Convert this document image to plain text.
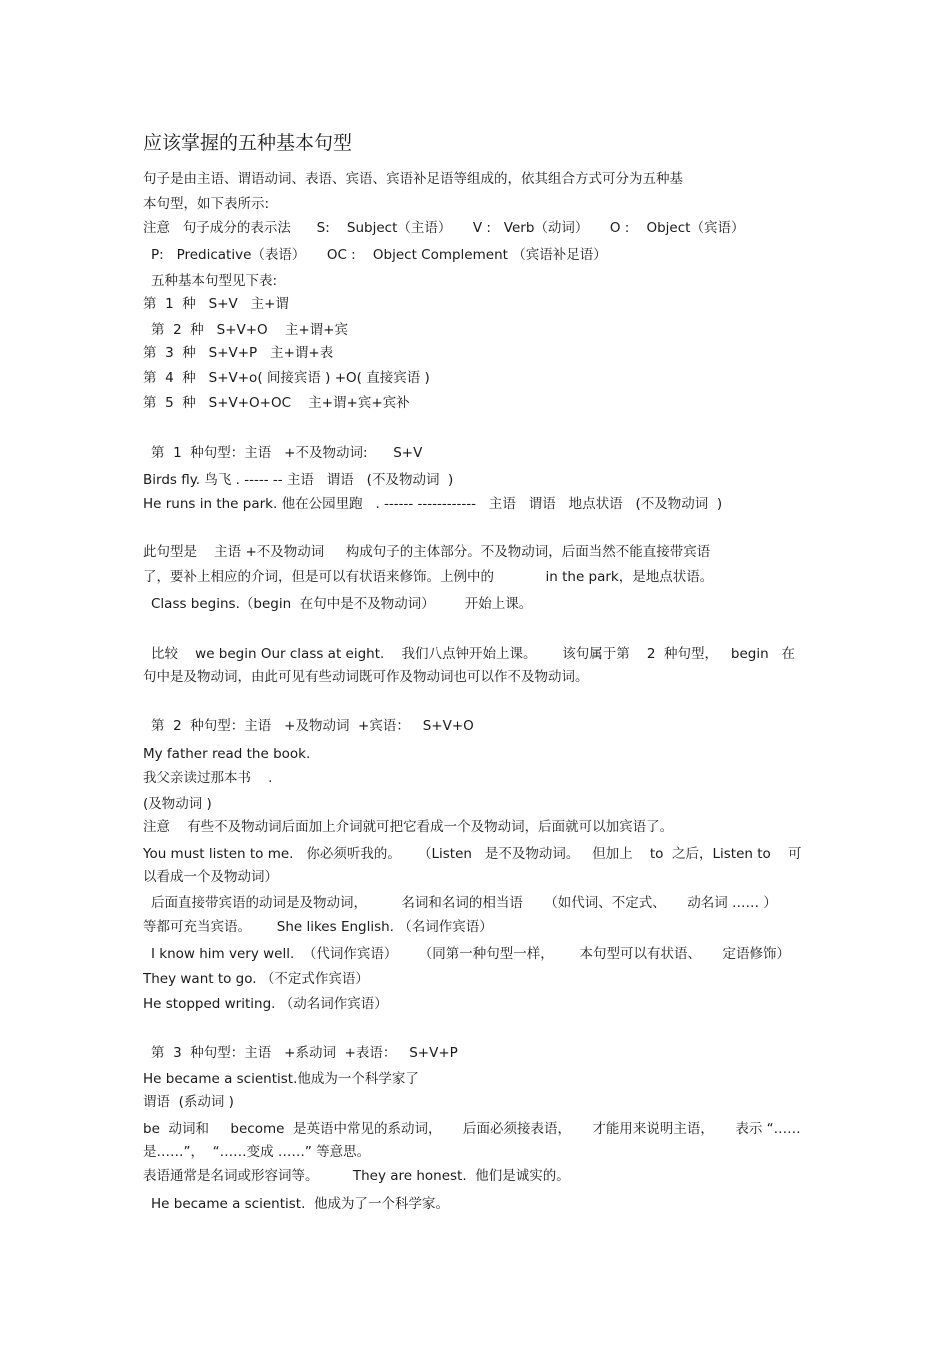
应该掌握的五种基本句型
句子是由主语、谓语动词、表语、宾语、宾语补足语等组成的，依其组合方式可分为五种基
本句型，如下表所示:
注意   句子成分的表示法      S:    Subject（主语）     V :   Verb（动词）     O :    Object（宾语）
P:   Predicative（表语）     OC :    Object Complement （宾语补足语）
五种基本句型见下表:
第  1  种   S+V   主+谓
第  2  种   S+V+O    主+谓+宾
第  3  种   S+V+P   主+谓+表
第  4  种   S+V+o( 间接宾语 ) +O( 直接宾语 )
第  5  种   S+V+O+OC    主+谓+宾+宾补
第  1  种句型：主语   +不及物动词:      S+V
Birds fly. 鸟飞 . ----- -- 主语   谓语   (不及物动词  )
He runs in the park. 他在公园里跑   . ------ ------------   主语   谓语   地点状语   (不及物动词  )
此句型是    主语 +不及物动词     构成句子的主体部分。不及物动词，后面当然不能直接带宾语
了，要补上相应的介词，但是可以有状语来修饰。上例中的            in the park，是地点状语。
Class begins.（begin  在句中是不及物动词）       开始上课。
比较    we begin Our class at eight.    我们八点钟开始上课。      该句属于第    2  种句型，   begin   在
句中是及物动词，由此可见有些动词既可作及物动词也可以作不及物动词。
第  2  种句型：主语   +及物动词  +宾语：   S+V+O
My father read the book.
我父亲读过那本书    .
(及物动词 )
注意    有些不及物动词后面加上介词就可把它看成一个及物动词，后面就可以加宾语了。
You must listen to me.   你必须听我的。    （Listen   是不及物动词。   但加上    to  之后，Listen to    可
以看成一个及物动词）
后面直接带宾语的动词是及物动词，        名词和名词的相当语     （如代词、不定式、     动名词 …… ）
等都可充当宾语。      She likes English. （名词作宾语）
I know him very well.  （代词作宾语）     （同第一种句型一样，      本句型可以有状语、     定语修饰）
They want to go. （不定式作宾语）
He stopped writing. （动名词作宾语）
第  3  种句型：主语   +系动词  +表语：   S+V+P
He became a scientist.他成为一个科学家了
谓语  (系动词 )
be  动词和     become  是英语中常见的系动词，     后面必须接表语，     才能用来说明主语，     表示 “……
是……”，  “……变成 ……” 等意思。
表语通常是名词或形容词等。        They are honest.  他们是诚实的。
He became a scientist.  他成为了一个科学家。
